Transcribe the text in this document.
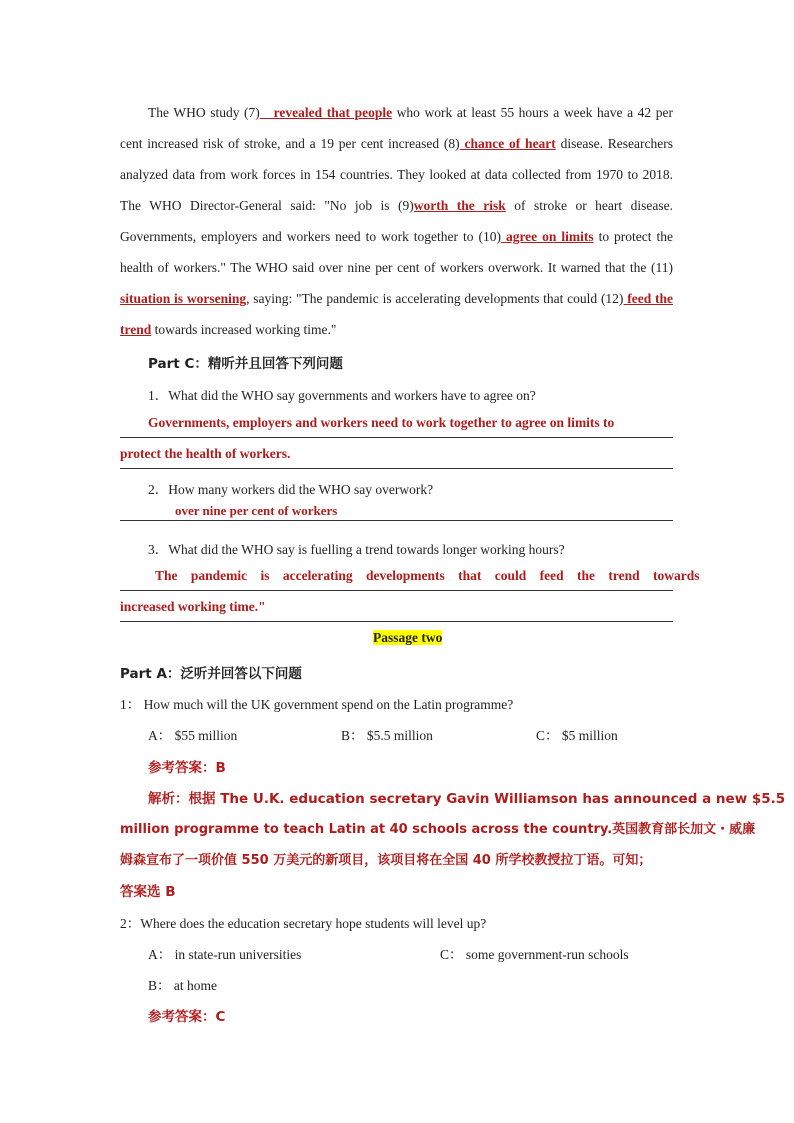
The WHO study (7) revealed that people who work at least 55 hours a week have a 42 per cent increased risk of stroke, and a 19 per cent increased (8) chance of heart disease. Researchers analyzed data from work forces in 154 countries. They looked at data collected from 1970 to 2018. The WHO Director-General said: "No job is (9)worth the risk of stroke or heart disease. Governments, employers and workers need to work together to (10) agree on limits to protect the health of workers." The WHO said over nine per cent of workers overwork. It warned that the (11) situation is worsening, saying: "The pandemic is accelerating developments that could (12) feed the trend towards increased working time."
Part C：精听并且回答下列问题
1．What did the WHO say governments and workers have to agree on?
Governments, employers and workers need to work together to agree on limits to
protect the health of workers.
2．How many workers did the WHO say overwork?
over nine per cent of workers
3．What did the WHO say is fuelling a trend towards longer working hours?
The pandemic is accelerating developments that could feed the trend towards
increased working time."
Passage two
Part A：泛听并回答以下问题
1： How much will the UK government spend on the Latin programme?
A： $55 million	B： $5.5 million	C： $5 million
参考答案：B
解析：根据 The U.K. education secretary Gavin Williamson has announced a new $5.5
million programme to teach Latin at 40 schools across the country.英国教育部长加文・威廉
姆森宣布了一项价值 550 万美元的新项目，该项目将在全国 40 所学校教授拉丁语。可知；
答案选 B
2：Where does the education secretary hope students will level up?
A： in state-run universities	C： some government-run schools
B： at home
参考答案：C
